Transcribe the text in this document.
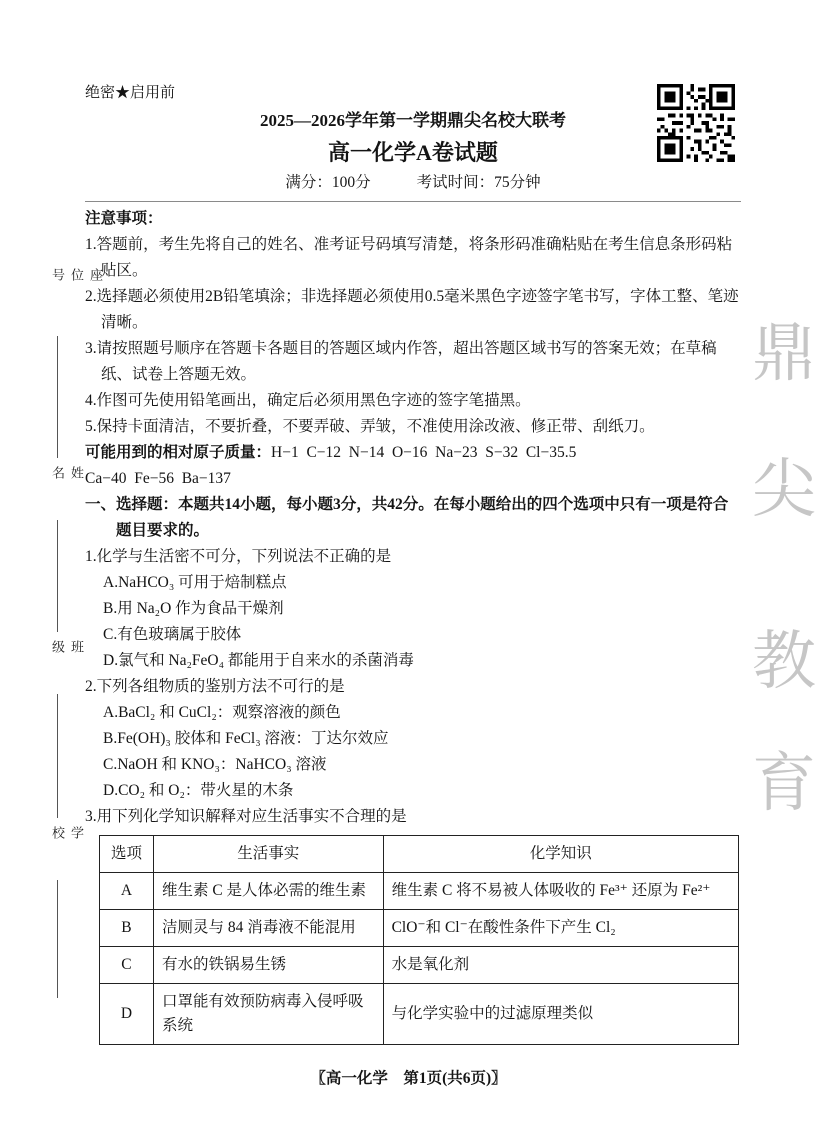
座位号
姓名
班级
学校
鼎
尖
教
育
绝密★启用前
2025—2026学年第一学期鼎尖名校大联考
高一化学A卷试题
满分：100分	考试时间：75分钟

注意事项：

1.答题前，考生先将自己的姓名、准考证号码填写清楚，将条形码准确粘贴在考生信息条形码粘贴区。

2.选择题必须使用2B铅笔填涂；非选择题必须使用0.5毫米黑色字迹签字笔书写，字体工整、笔迹清晰。

3.请按照题号顺序在答题卡各题目的答题区域内作答，超出答题区域书写的答案无效；在草稿纸、试卷上答题无效。

4.作图可先使用铅笔画出，确定后必须用黑色字迹的签字笔描黑。

5.保持卡面清洁，不要折叠，不要弄破、弄皱，不准使用涂改液、修正带、刮纸刀。

可能用到的相对原子质量：H−1  C−12  N−14  O−16  Na−23  S−32  Cl−35.5

Ca−40  Fe−56  Ba−137

一、选择题：本题共14小题，每小题3分，共42分。在每小题给出的四个选项中只有一项是符合题目要求的。

1.化学与生活密不可分，下列说法不正确的是

A.NaHCO₃ 可用于焙制糕点

B.用 Na₂O 作为食品干燥剂

C.有色玻璃属于胶体

D.氯气和 Na₂FeO₄ 都能用于自来水的杀菌消毒

2.下列各组物质的鉴别方法不可行的是

A.BaCl₂ 和 CuCl₂：观察溶液的颜色

B.Fe(OH)₃ 胶体和 FeCl₃ 溶液：丁达尔效应

C.NaOH 和 KNO₃：NaHCO₃ 溶液

D.CO₂ 和 O₂：带火星的木条

3.用下列化学知识解释对应生活事实不合理的是

选项	生活事实	化学知识
A	维生素 C 是人体必需的维生素	维生素 C 将不易被人体吸收的 Fe³⁺ 还原为 Fe²⁺
B	洁厕灵与 84 消毒液不能混用	ClO⁻和 Cl⁻在酸性条件下产生 Cl₂
C	有水的铁锅易生锈	水是氧化剂
D	口罩能有效预防病毒入侵呼吸系统	与化学实验中的过滤原理类似
〖高一化学　第1页(共6页)〗
